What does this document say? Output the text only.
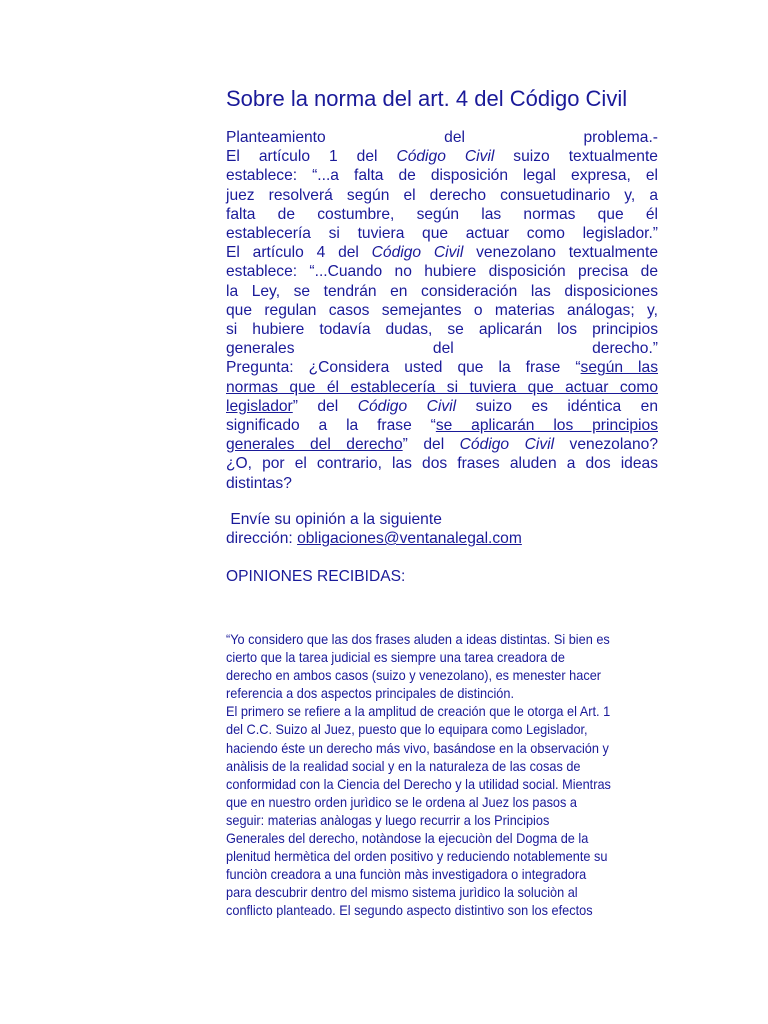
Sobre la norma del art. 4 del Código Civil
Planteamiento	del	problema.-
El artículo 1 del Código Civil suizo textualmente
establece: “...a falta de disposición legal expresa, el
juez resolverá según el derecho consuetudinario y, a
falta de costumbre, según las normas que él
establecería si tuviera que actuar como legislador.”
El artículo 4 del Código Civil venezolano textualmente
establece: “...Cuando no hubiere disposición precisa de
la Ley, se tendrán en consideración las disposiciones
que regulan casos semejantes o materias análogas; y,
si hubiere todavía dudas, se aplicarán los principios
generales	del	derecho.”
Pregunta: ¿Considera usted que la frase “según las
normas que él establecería si tuviera que actuar como
legislador” del Código Civil suizo es idéntica en
significado a la frase “se aplicarán los principios
generales del derecho” del Código Civil venezolano?
¿O, por el contrario, las dos frases aluden a dos ideas
distintas?
Envíe su opinión a la siguiente
dirección: obligaciones@ventanalegal.com
OPINIONES RECIBIDAS:
“Yo considero que las dos frases aluden a ideas distintas. Si bien es
cierto que la tarea judicial es siempre una tarea creadora de
derecho en ambos casos (suizo y venezolano), es menester hacer
referencia a dos aspectos principales de distinción.
El primero se refiere a la amplitud de creación que le otorga el Art. 1
del C.C. Suizo al Juez, puesto que lo equipara como Legislador,
haciendo éste un derecho más vivo, basándose en la observación y
anàlisis de la realidad social y en la naturaleza de las cosas de
conformidad con la Ciencia del Derecho y la utilidad social. Mientras
que en nuestro orden jurìdico se le ordena al Juez los pasos a
seguir: materias anàlogas y luego recurrir a los Principios
Generales del derecho, notàndose la ejecuciòn del Dogma de la
plenitud hermètica del orden positivo y reduciendo notablemente su
funciòn creadora a una funciòn màs investigadora o integradora
para descubrir dentro del mismo sistema jurìdico la soluciòn al
conflicto planteado. El segundo aspecto distintivo son los efectos
